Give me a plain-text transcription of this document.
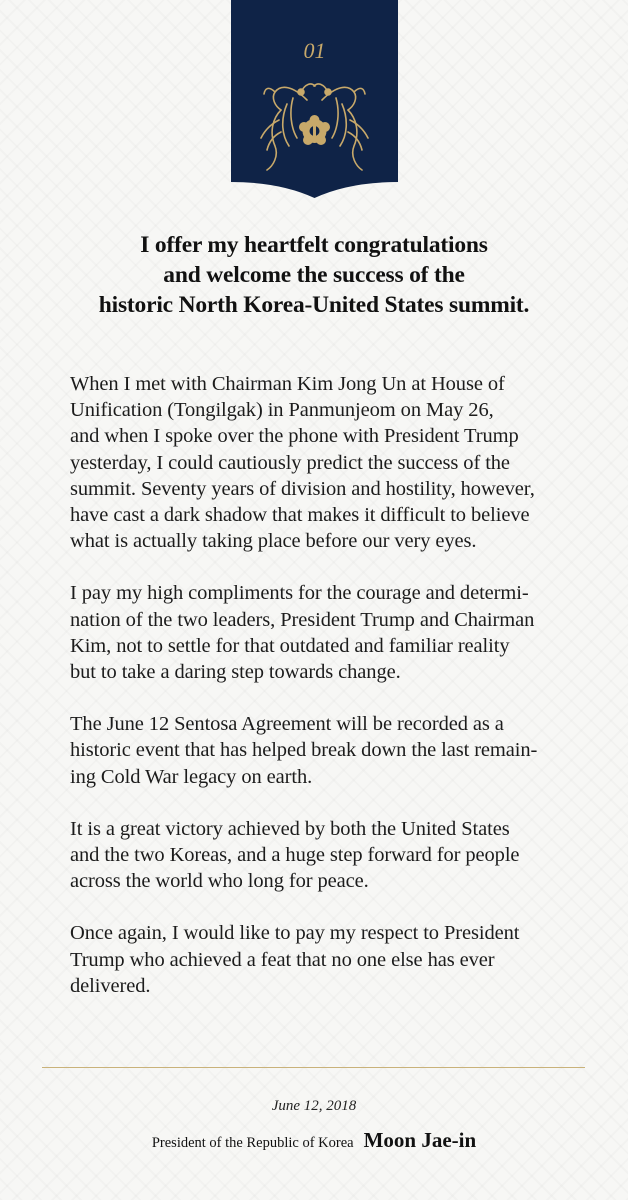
01
I offer my heartfelt congratulations
and welcome the success of the
historic North Korea-United States summit.
When I met with Chairman Kim Jong Un at House of
Unification (Tongilgak) in Panmunjeom on May 26,
and when I spoke over the phone with President Trump
yesterday, I could cautiously predict the success of the
summit. Seventy years of division and hostility, however,
have cast a dark shadow that makes it difficult to believe
what is actually taking place before our very eyes.
I pay my high compliments for the courage and determi-
nation of the two leaders, President Trump and Chairman
Kim, not to settle for that outdated and familiar reality
but to take a daring step towards change.
The June 12 Sentosa Agreement will be recorded as a
historic event that has helped break down the last remain-
ing Cold War legacy on earth.
It is a great victory achieved by both the United States
and the two Koreas, and a huge step forward for people
across the world who long for peace.
Once again, I would like to pay my respect to President
Trump who achieved a feat that no one else has ever
delivered.
June 12, 2018
President of the Republic of Korea Moon Jae-in
